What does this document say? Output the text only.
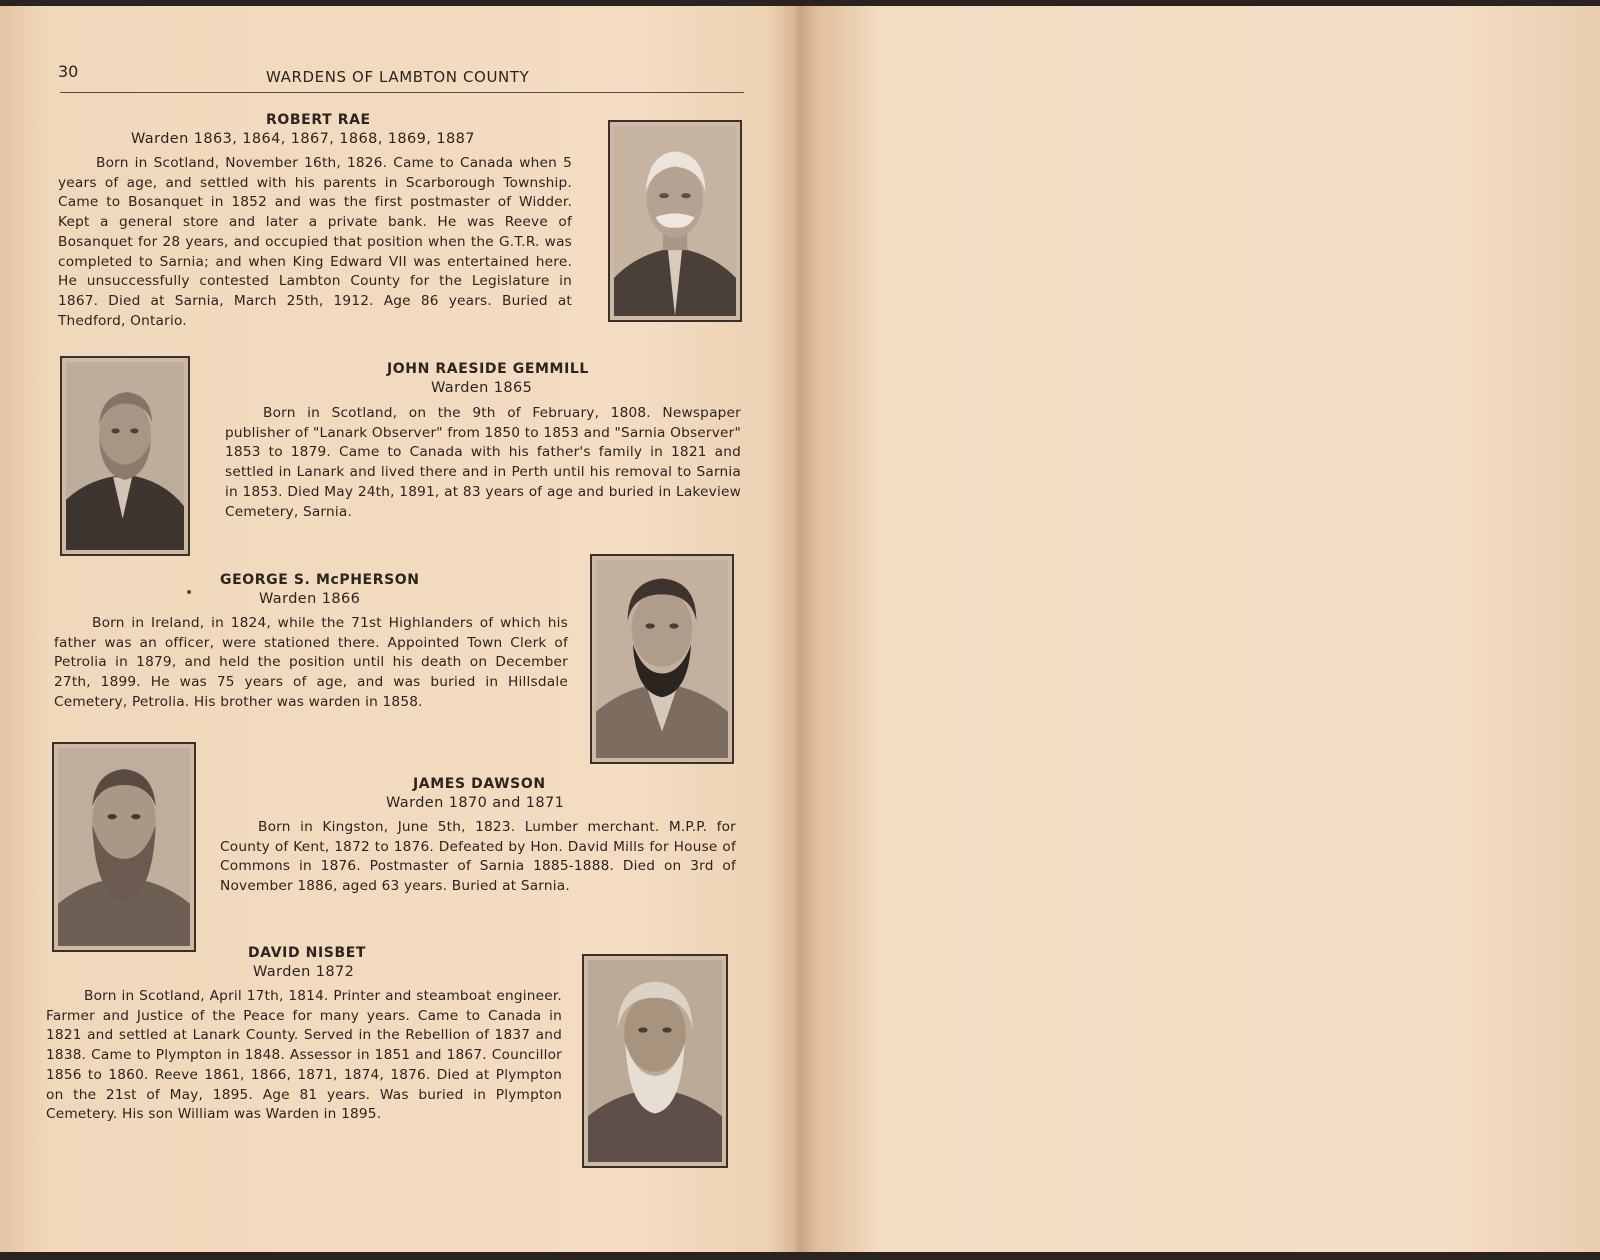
30	WARDENS OF LAMBTON COUNTY
ROBERT RAE
Warden 1863, 1864, 1867, 1868, 1869, 1887

Born in Scotland, November 16th, 1826. Came to Canada when 5 years of age, and settled with his parents in Scarborough Township. Came to Bosanquet in 1852 and was the first postmaster of Widder. Kept a general store and later a private bank. He was Reeve of Bosanquet for 28 years, and occupied that position when the G.T.R. was completed to Sarnia; and when King Edward VII was entertained here. He unsuccessfully contested Lambton County for the Legislature in 1867. Died at Sarnia, March 25th, 1912. Age 86 years. Buried at Thedford, Ontario.

JOHN RAESIDE GEMMILL
Warden 1865

Born in Scotland, on the 9th of February, 1808. Newspaper publisher of "Lanark Observer" from 1850 to 1853 and "Sarnia Observer" 1853 to 1879. Came to Canada with his father's family in 1821 and settled in Lanark and lived there and in Perth until his removal to Sarnia in 1853. Died May 24th, 1891, at 83 years of age and buried in Lakeview Cemetery, Sarnia.

GEORGE S. McPHERSON
Warden 1866

Born in Ireland, in 1824, while the 71st Highlanders of which his father was an officer, were stationed there. Appointed Town Clerk of Petrolia in 1879, and held the position until his death on December 27th, 1899. He was 75 years of age, and was buried in Hillsdale Cemetery, Petrolia. His brother was warden in 1858.

JAMES DAWSON
Warden 1870 and 1871

Born in Kingston, June 5th, 1823. Lumber merchant. M.P.P. for County of Kent, 1872 to 1876. Defeated by Hon. David Mills for House of Commons in 1876. Postmaster of Sarnia 1885-1888. Died on 3rd of November 1886, aged 63 years. Buried at Sarnia.

DAVID NISBET
Warden 1872

Born in Scotland, April 17th, 1814. Printer and steamboat engineer. Farmer and Justice of the Peace for many years. Came to Canada in 1821 and settled at Lanark County. Served in the Rebellion of 1837 and 1838. Came to Plympton in 1848. Assessor in 1851 and 1867. Councillor 1856 to 1860. Reeve 1861, 1866, 1871, 1874, 1876. Died at Plympton on the 21st of May, 1895. Age 81 years. Was buried in Plympton Cemetery. His son William was Warden in 1895.
